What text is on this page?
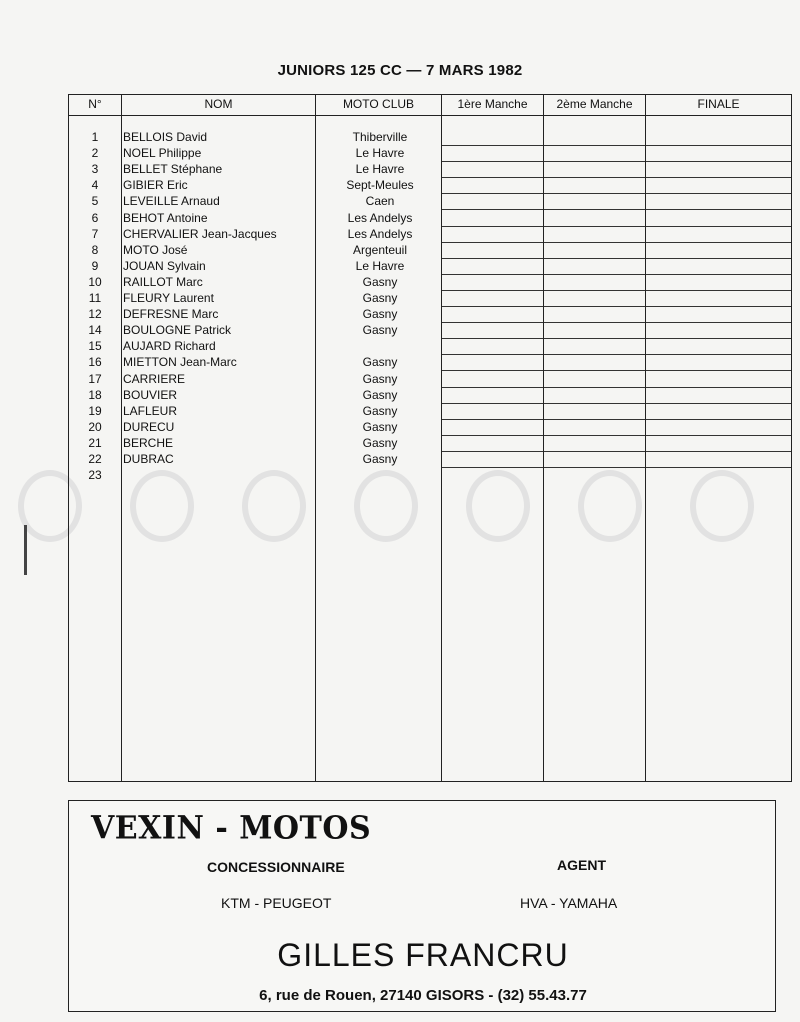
JUNIORS 125 CC — 7 MARS 1982
N°	NOM	MOTO CLUB	1ère Manche	2ème Manche	FINALE
1	BELLOIS David	Thiberville
2	NOEL Philippe	Le Havre
3	BELLET Stéphane	Le Havre
4	GIBIER Eric	Sept-Meules
5	LEVEILLE Arnaud	Caen
6	BEHOT Antoine	Les Andelys
7	CHERVALIER Jean-Jacques	Les Andelys
8	MOTO José	Argenteuil
9	JOUAN Sylvain	Le Havre
10	RAILLOT Marc	Gasny
11	FLEURY Laurent	Gasny
12	DEFRESNE Marc	Gasny
14	BOULOGNE Patrick	Gasny
15	AUJARD Richard
16	MIETTON Jean-Marc	Gasny
17	CARRIERE	Gasny
18	BOUVIER	Gasny
19	LAFLEUR	Gasny
20	DURECU	Gasny
21	BERCHE	Gasny
22	DUBRAC	Gasny
23
VEXIN - MOTOS
CONCESSIONNAIRE
KTM - PEUGEOT
AGENT
HVA - YAMAHA
GILLES FRANCRU
6, rue de Rouen, 27140 GISORS - (32) 55.43.77
